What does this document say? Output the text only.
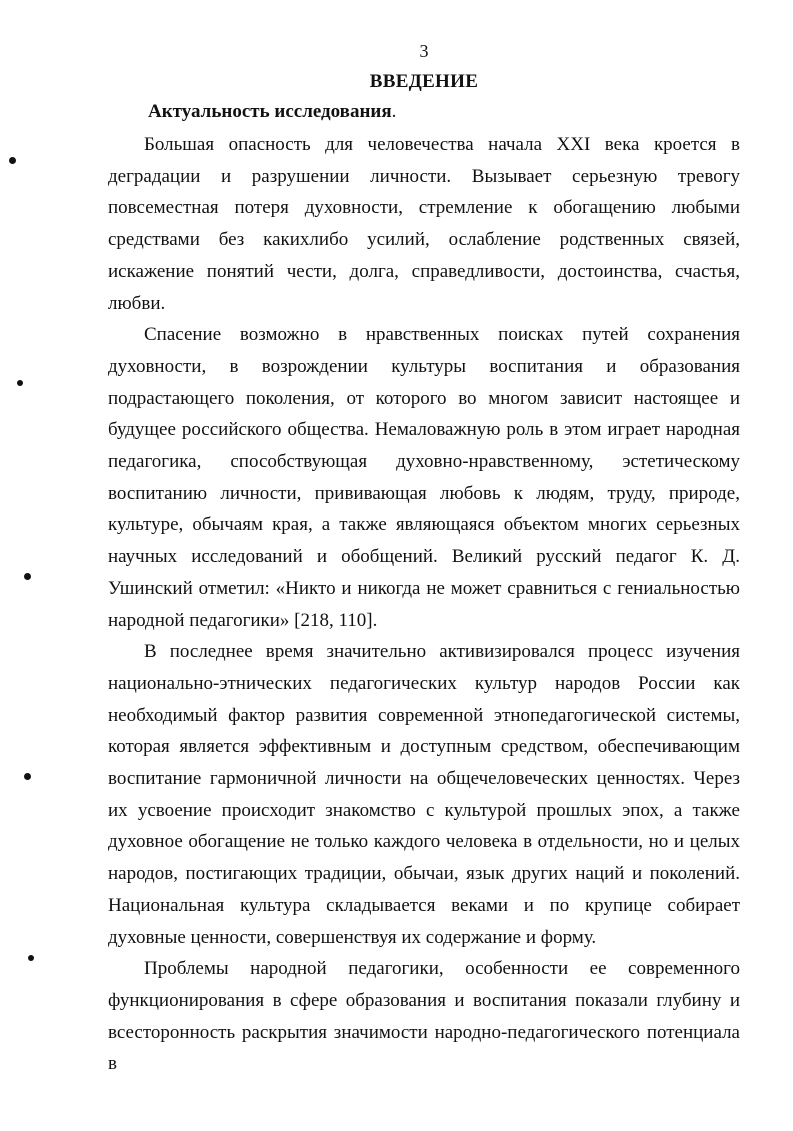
3
ВВЕДЕНИЕ
Актуальность исследования.

Большая опасность для человечества начала XXI века кроется в деградации и разрушении личности. Вызывает серьезную тревогу повсеместная потеря духовности, стремление к обогащению любыми средствами без какихлибо усилий, ослабление родственных связей, искажение понятий чести, долга, справедливости, достоинства, счастья, любви.

Спасение возможно в нравственных поисках путей сохранения духовности, в возрождении культуры воспитания и образования подрастающего поколения, от которого во многом зависит настоящее и будущее российского общества. Немаловажную роль в этом играет народная педагогика, способствующая духовно-нравственному, эстетическому воспитанию личности, прививающая любовь к людям, труду, природе, культуре, обычаям края, а также являющаяся объектом многих серьезных научных исследований и обобщений. Великий русский педагог К. Д. Ушинский отметил: «Никто и никогда не может сравниться с гениальностью народной педагогики» [218, 110].

В последнее время значительно активизировался процесс изучения национально-этнических педагогических культур народов России как необходимый фактор развития современной этнопедагогической системы, которая является эффективным и доступным средством, обеспечивающим воспитание гармоничной личности на общечеловеческих ценностях. Через их усвоение происходит знакомство с культурой прошлых эпох, а также духовное обогащение не только каждого человека в отдельности, но и целых народов, постигающих традиции, обычаи, язык других наций и поколений. Национальная культура складывается веками и по крупице собирает духовные ценности, совершенствуя их содержание и форму.

Проблемы народной педагогики, особенности ее современного функционирования в сфере образования и воспитания показали глубину и всесторонность раскрытия значимости народно-педагогического потенциала в
